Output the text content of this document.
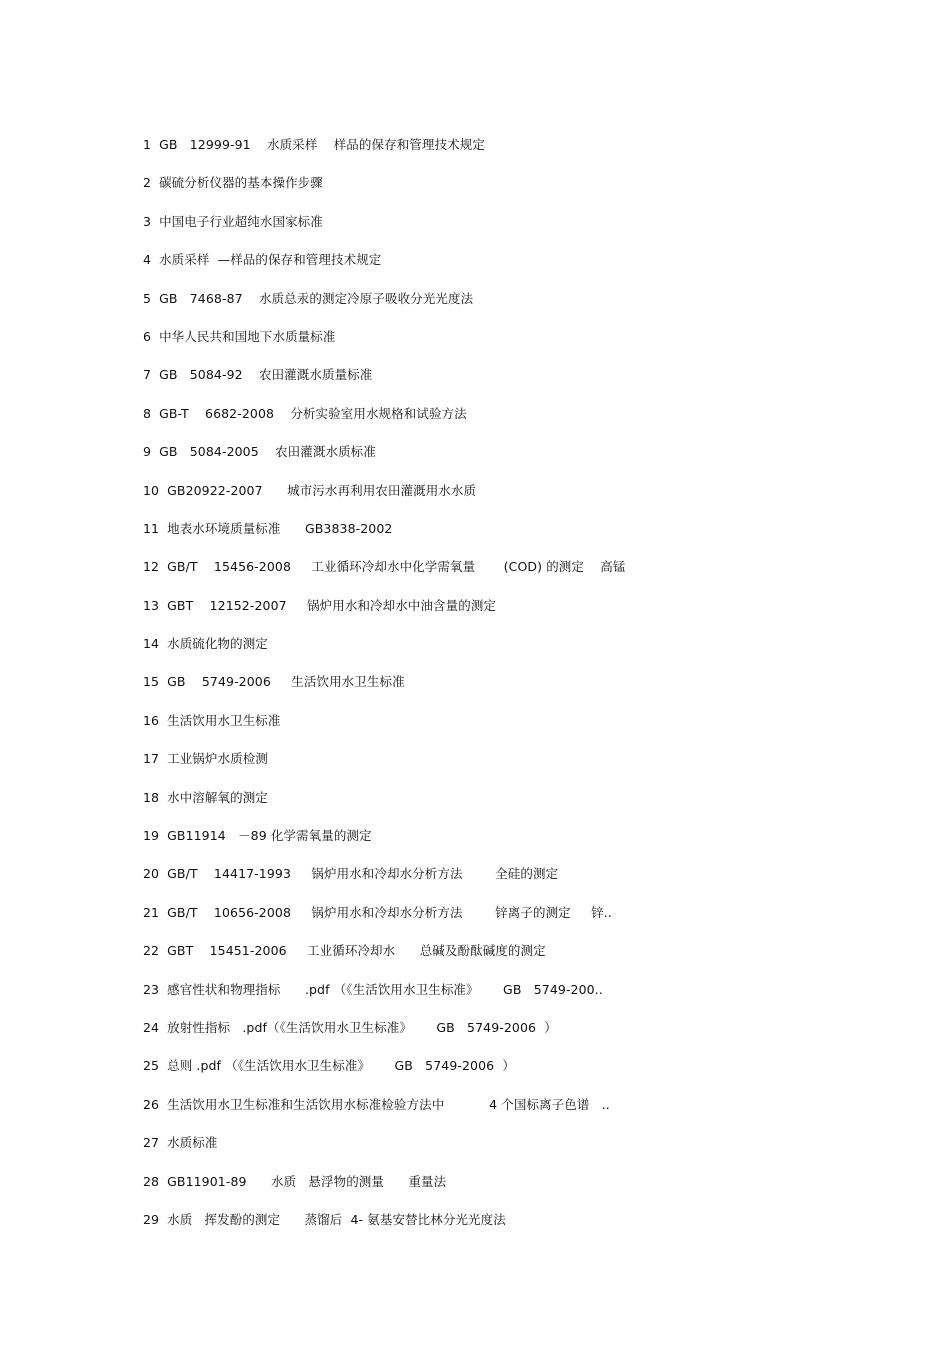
1 GB   12999-91    水质采样    样品的保存和管理技术规定
2 碳硫分析仪器的基本操作步骤
3 中国电子行业超纯水国家标准
4 水质采样  —样品的保存和管理技术规定
5 GB   7468-87    水质总汞的测定冷原子吸收分光光度法
6 中华人民共和国地下水质量标准
7 GB   5084-92    农田灌溉水质量标准
8 GB-T    6682-2008    分析实验室用水规格和试验方法
9 GB   5084-2005    农田灌溉水质标准
10 GB20922-2007      城市污水再利用农田灌溉用水水质
11 地表水环境质量标准      GB3838-2002
12 GB/T    15456-2008     工业循环冷却水中化学需氧量       (COD) 的测定    高锰
13 GBT    12152-2007     锅炉用水和冷却水中油含量的测定
14 水质硫化物的测定
15 GB    5749-2006     生活饮用水卫生标准
16 生活饮用水卫生标准
17 工业锅炉水质检测
18 水中溶解氧的测定
19 GB11914   －89 化学需氧量的测定
20 GB/T    14417-1993     锅炉用水和冷却水分析方法        全硅的测定
21 GB/T    10656-2008     锅炉用水和冷却水分析方法        锌离子的测定     锌..
22 GBT    15451-2006     工业循环冷却水      总碱及酚酞碱度的测定
23 感官性状和物理指标      .pdf （《生活饮用水卫生标准》      GB   5749-200..
24 放射性指标   .pdf（《生活饮用水卫生标准》      GB   5749-2006  ）
25 总则 .pdf （《生活饮用水卫生标准》      GB   5749-2006  ）
26 生活饮用水卫生标准和生活饮用水标准检验方法中           4 个国标离子色谱   ..
27 水质标准
28 GB11901-89      水质   悬浮物的测量      重量法
29 水质   挥发酚的测定      蒸馏后  4- 氨基安替比林分光光度法
